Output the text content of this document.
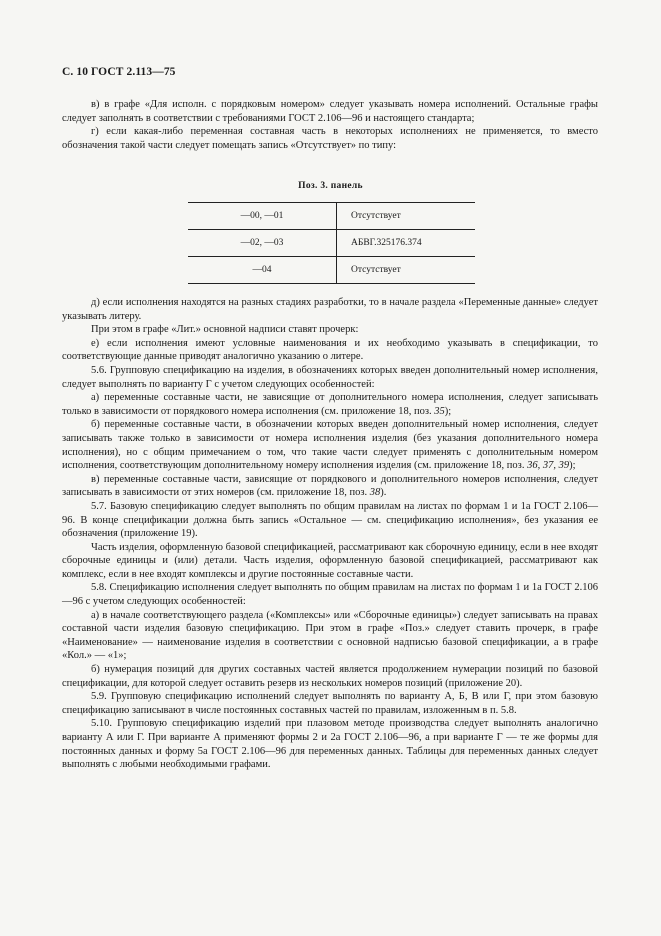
С. 10 ГОСТ 2.113—75

в) в графе «Для исполн. с порядковым номером» следует указывать номера исполнений. Остальные графы следует заполнять в соответствии с требованиями ГОСТ 2.106—96 и настоящего стандарта;

г) если какая-либо переменная составная часть в некоторых исполнениях не применяется, то вместо обозначения такой части следует помещать запись «Отсутствует» по типу:

Поз. 3. панель
—00, —01	Отсутствует
—02, —03	АБВГ.325176.374
—04	Отсутствует

д) если исполнения находятся на разных стадиях разработки, то в начале раздела «Переменные данные» следует указывать литеру.

При этом в графе «Лит.» основной надписи ставят прочерк:

е) если исполнения имеют условные наименования и их необходимо указывать в спецификации, то соответствующие данные приводят аналогично указанию о литере.

5.6. Групповую спецификацию на изделия, в обозначениях которых введен дополнительный номер исполнения, следует выполнять по варианту Г с учетом следующих особенностей:

а) переменные составные части, не зависящие от дополнительного номера исполнения, следует записывать только в зависимости от порядкового номера исполнения (см. приложение 18, поз. 35);

б) переменные составные части, в обозначении которых введен дополнительный номер исполнения, следует записывать также только в зависимости от номера исполнения изделия (без указания дополнительного номера исполнения), но с общим примечанием о том, что такие части следует применять с дополнительным номером исполнения, соответствующим дополнительному номеру исполнения изделия (см. приложение 18, поз. 36, 37, 39);

в) переменные составные части, зависящие от порядкового и дополнительного номеров исполнения, следует записывать в зависимости от этих номеров (см. приложение 18, поз. 38).

5.7. Базовую спецификацию следует выполнять по общим правилам на листах по формам 1 и 1а ГОСТ 2.106—96. В конце спецификации должна быть запись «Остальное — см. спецификацию исполнения», без указания ее обозначения (приложение 19).

Часть изделия, оформленную базовой спецификацией, рассматривают как сборочную единицу, если в нее входят сборочные единицы и (или) детали. Часть изделия, оформленную базовой спецификацией, рассматривают как комплекс, если в нее входят комплексы и другие постоянные составные части.

5.8. Спецификацию исполнения следует выполнять по общим правилам на листах по формам 1 и 1а ГОСТ 2.106—96 с учетом следующих особенностей:

а) в начале соответствующего раздела («Комплексы» или «Сборочные единицы») следует записывать на правах составной части изделия базовую спецификацию. При этом в графе «Поз.» следует ставить прочерк, в графе «Наименование» — наименование изделия в соответствии с основной надписью базовой спецификации, а в графе «Кол.» — «1»;

б) нумерация позиций для других составных частей является продолжением нумерации позиций по базовой спецификации, для которой следует оставить резерв из нескольких номеров позиций (приложение 20).

5.9. Групповую спецификацию исполнений следует выполнять по варианту А, Б, В или Г, при этом базовую спецификацию записывают в числе постоянных составных частей по правилам, изложенным в п. 5.8.

5.10. Групповую спецификацию изделий при плазовом методе производства следует выполнять аналогично варианту А или Г. При варианте А применяют формы 2 и 2а ГОСТ 2.106—96, а при варианте Г — те же формы для постоянных данных и форму 5а ГОСТ 2.106—96 для переменных данных. Таблицы для переменных данных следует выполнять с любыми необходимыми графами.
